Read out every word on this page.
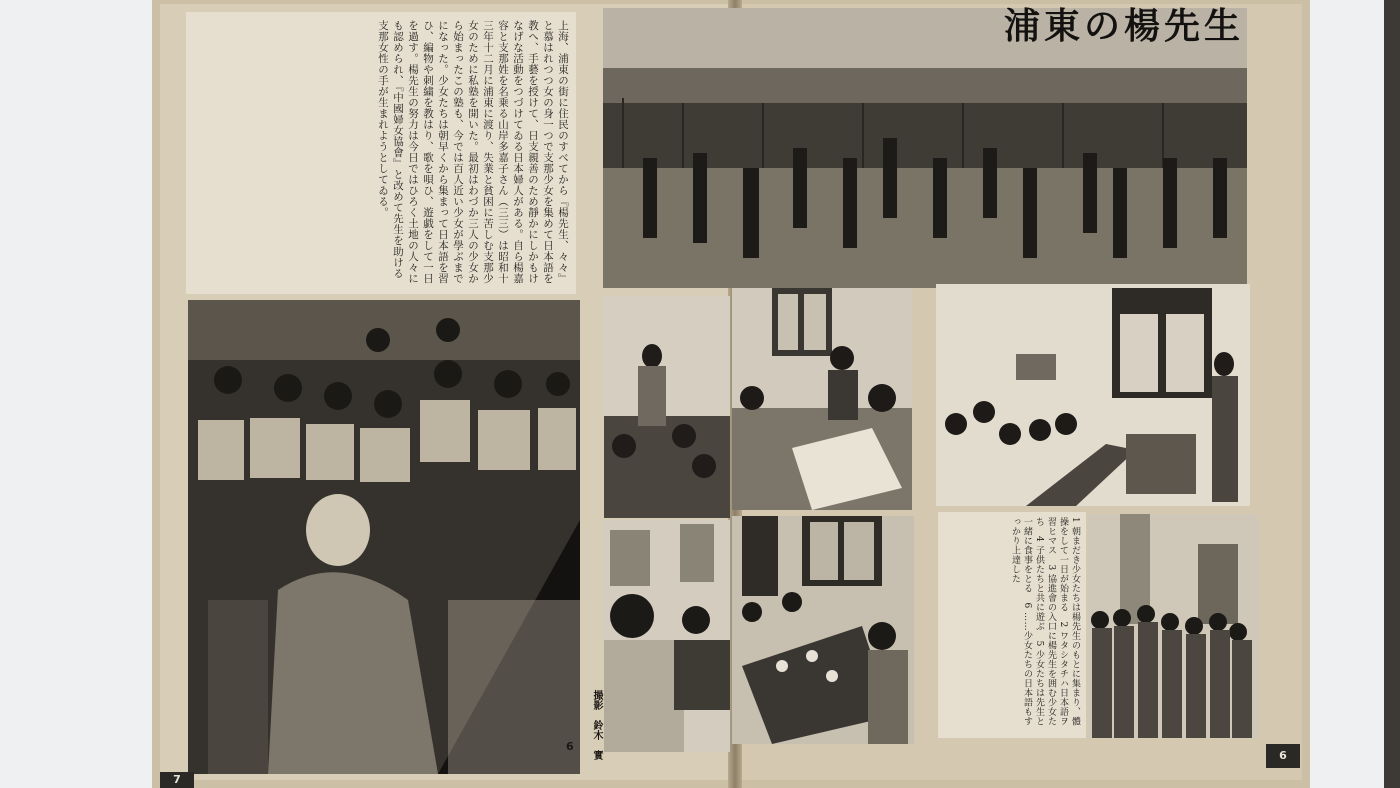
上海、浦東の街に住民のすべてから『楊先生、々々』と慕はれつつ女の身一つで支那少女を集めて日本語を教へ、手藝を授けて、日支親善のため靜かにしかもけなげな活動をつづけてゐる日本婦人がある。自ら楊嘉容と支那姓を名乗る山岸多嘉子さん（三三）は昭和十三年十二月に浦東に渡り、失業と貧困に苦しむ支那少女のために私塾を開いた。最初はわづか三人の少女から始まったこの塾も、今では百人近い少女が學ぶまでになった。少女たちは朝早くから集まって日本語を習ひ、編物や刺繍を教はり、歌を唄ひ、遊戯をして一日を過す。楊先生の努力は今日ではひろく土地の人々にも認められ、『中國婦女協會』と改めて先生を助ける支那女性の手が生まれようとしてゐる。
撮影　鈴木　實
6
浦東の楊先生
1 朝まだき少女たちは楊先生のもとに集まり、體操をして一日が始まる　2 ワタシタチハ日本語ヲ習ヒマス　3 協進會の入口に楊先生を囲む少女たち　4 子供たちと共に遊ぶ　5 少女たちは先生と一緒に食事をとる　6 ……少女たちの日本語もすっかり上達した
7
6
